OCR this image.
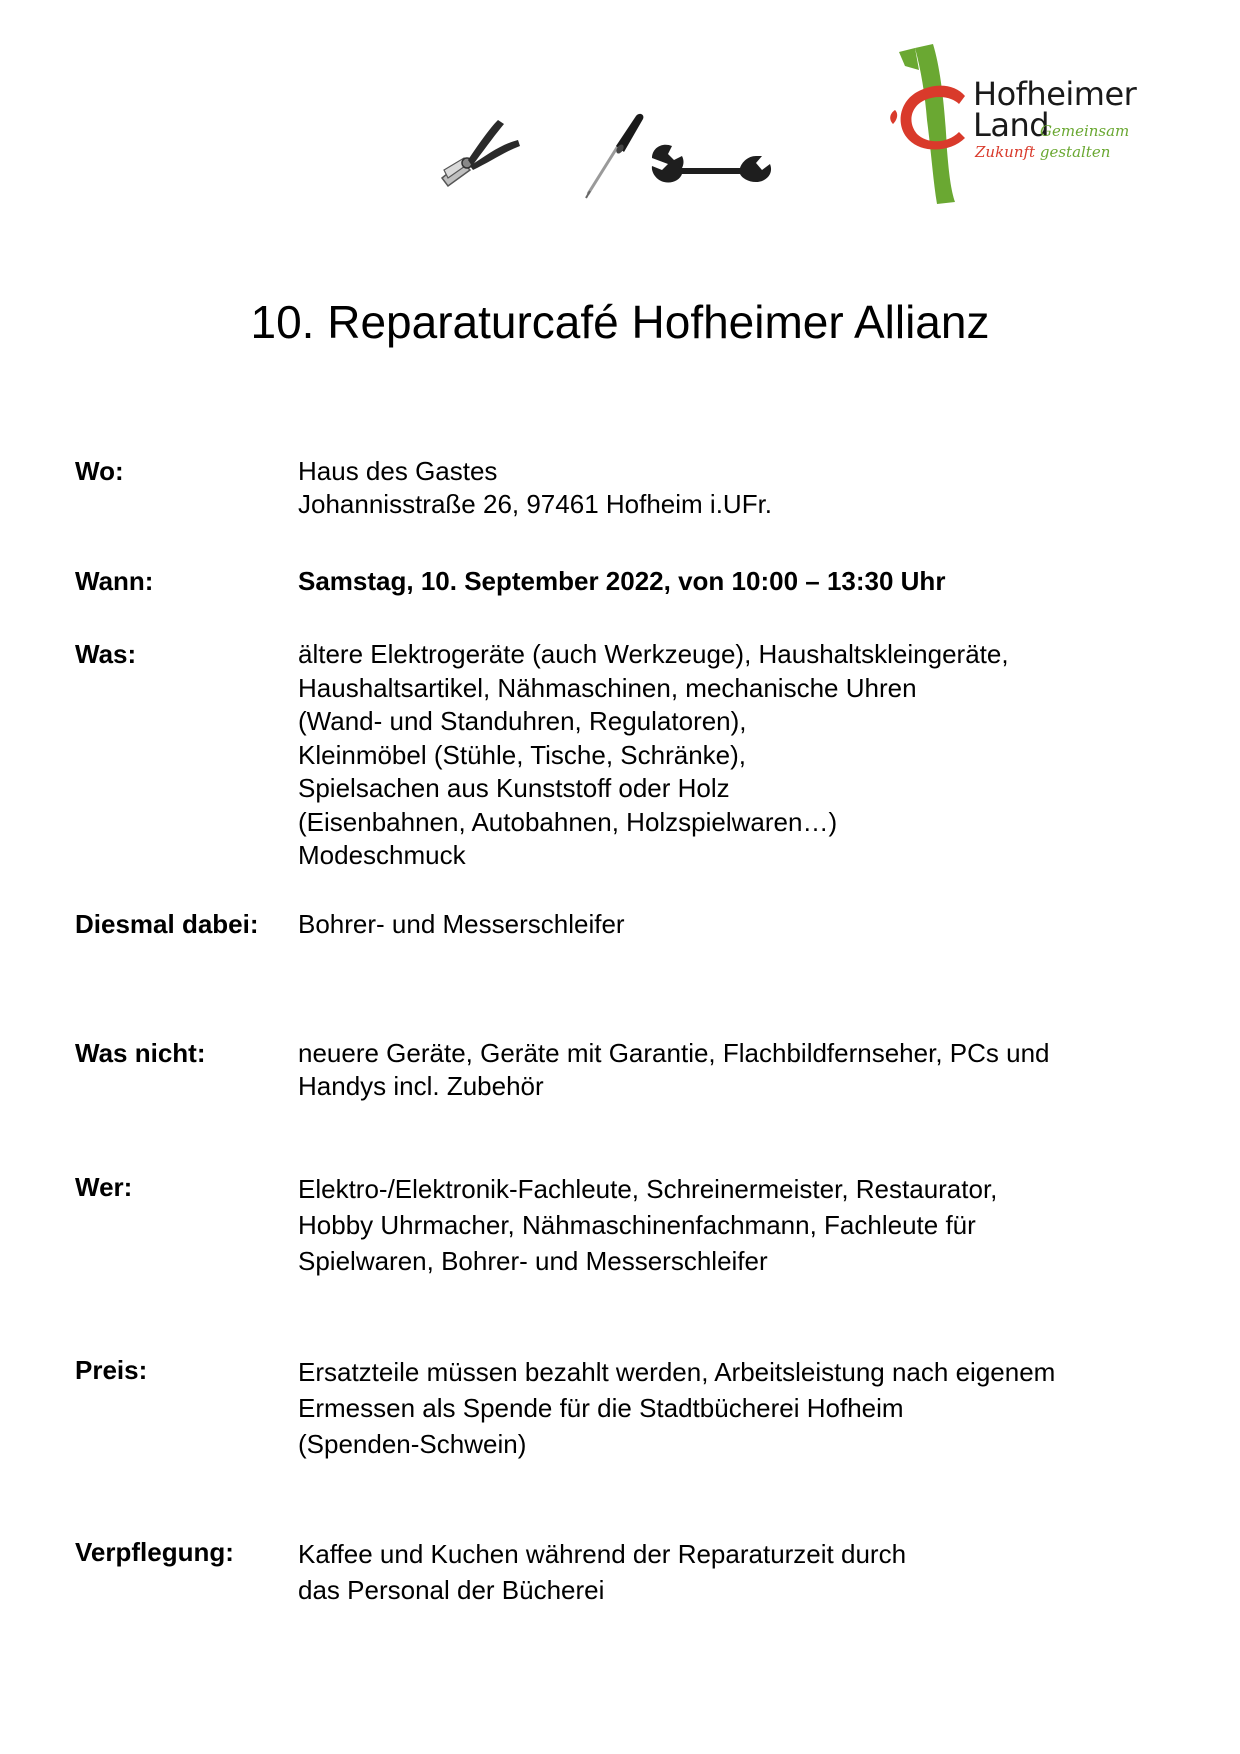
Hofheimer
Land
Gemeinsam
Zukunft gestalten
10. Reparaturcafé Hofheimer Allianz
Wo:	Haus des Gastes
Johannisstraße 26, 97461 Hofheim i.UFr.
Wann:	Samstag, 10. September 2022, von 10:00 – 13:30 Uhr
Was:	ältere Elektrogeräte (auch Werkzeuge), Haushaltskleingeräte,
Haushaltsartikel, Nähmaschinen, mechanische Uhren
(Wand- und Standuhren, Regulatoren),
Kleinmöbel (Stühle, Tische, Schränke),
Spielsachen aus Kunststoff oder Holz
(Eisenbahnen, Autobahnen, Holzspielwaren…)
Modeschmuck
Diesmal dabei: Bohrer- und Messerschleifer
Was nicht:	neuere Geräte, Geräte mit Garantie, Flachbildfernseher, PCs und
Handys incl. Zubehör
Wer:	Elektro-/Elektronik-Fachleute, Schreinermeister, Restaurator,
Hobby Uhrmacher, Nähmaschinenfachmann, Fachleute für
Spielwaren, Bohrer- und Messerschleifer
Preis:	Ersatzteile müssen bezahlt werden, Arbeitsleistung nach eigenem
Ermessen als Spende für die Stadtbücherei Hofheim
(Spenden-Schwein)
Verpflegung: Kaffee und Kuchen während der Reparaturzeit durch
das Personal der Bücherei
